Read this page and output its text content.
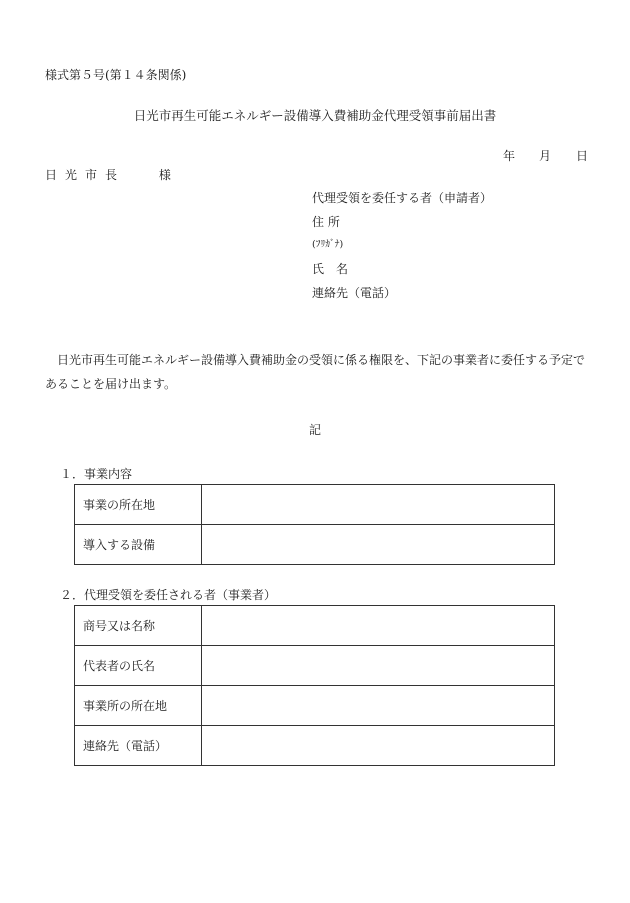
様式第５号(第１４条関係)
日光市再生可能エネルギー設備導入費補助金代理受領事前届出書
年 月 日
日 光 市 長	様
代理受領を委任する者（申請者）
住 所
(ﾌﾘｶﾞﾅ)
氏　名
連絡先（電話）
日光市再生可能エネルギー設備導入費補助金の受領に係る権限を、下記の事業者に委任する予定であることを届け出ます。
記
１．事業内容
事業の所在地	
導入する設備	
２．代理受領を委任される者（事業者）
商号又は名称	
代表者の氏名	
事業所の所在地	
連絡先（電話）	
